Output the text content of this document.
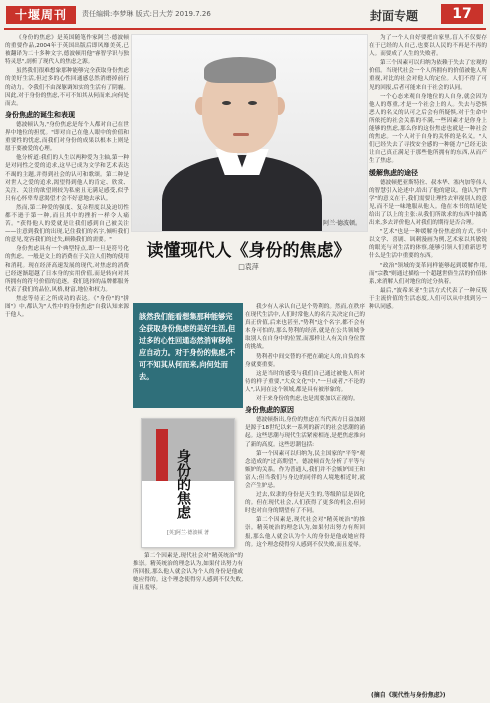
十堰周刊	责任编辑:李梦琳 版式:吕大芳 2019.7.26	封面专题	17

《身份的焦虑》是英国随笔作家阿兰·德波顿的重要作品,2004年于英国出版后即风靡美英,已被翻译为二十多种文字,德波顿用他"睿智学识与独特灵思",剖析了现代人的焦虑之源。

虽然我们很难想象那种能够完全获取身份焦虑的美好生活,但过多的心性回通感总然消磨掉前行的动力。令我们不由深躯调知实的生活有了阴霾。因此,对于身份的焦虑,不可不知其从何而来,向何处而去。

身份焦虑的诞生和表现

德波顿认为,"身份焦虑是每个人都对自己在世界中地位的担忧。"即对自己在他人眼中的价值和重要性的忧虑,而我们对身份的成果以根本上则是愿于要被爱的心理。

他分析道:我们的人生以两种爱为主轴,第一种是对同性之爱的追求,这早已成为文学和艺术表达不竭的主题,并得到社会的认可和歌颂。第二种是对世人之爱的追求,渴望得到他人的肯定、欣赏、关注、关注的欲望则较为私密且无满足感受,似乎只有心怀卑卑意渴望才会不好意地去承认。

然而,第二种爱的强度、复杂程度以及迫切性都不逊于第一种,而且其中的挫折一样令人痛苦。"获得他人的爱就是让我们感到自己被关注——注意到我们的出现,记住我们的名字,倾听我们的意见,宽容我们的过失,顾赖我们的需要。"

身份焦虑具有一个典型特点,即一旦是符号化的焦虑。一般是文上的消费在于关注人们物的使用和消耗。现在经济高速发展的现代,对焦虑的消费已经逐渐超越了日本身的实用价值,而是转向对其所拥有的符号价值的追逐。我们选择的品牌都服务代表了我们的品位,风格,财富,地位和权力。

焦虑等待正之所成功的表达。《"身份"的"拼图"》中,都认为"人性中的身份焦虑"自我认知来源于他人。

阿兰·德波顿。
读懂现代人《身份的焦虑》
□袁萍
該然我们能看想集那种能够完全获取身份焦虑的美好生活,但过多的心性回通态然消审移你应自动力。对于身份的焦虑,不可不知其从何而来,向何处而去。
身份的焦虑
[英]阿兰·德波顿 著

我少有人承认自己是个势利的。然而,在秩序在现代生活中,人们时常他人的名片关决定自己的真正价值,后来也甚至,"势利"这个名字,都不会有本身可怕的,那么势利的经济,就是在公共领域争取别人在自身中的位置,而那样让人有关自身位置的挑战。

势利者中间交替的不把在确定人的,自负的本身就要重要。

这是当时的感受与我们自己通过被他人所对待的样子重要,"大众文化"中,"一旦或者,"不论的人",认同在这个领域,都是具有被形象的。

对于来身份的焦虑,也是需要加以正视的。

身份焦虑的原因

德波顿指出,身份的焦虑在当代西方日益加剧是源于18世纪以来一系列的新兴的社会思潮的涌起。这些思潮与现代生活紧密相连,是把焦虑推向了新的高度。这些思潮包括:

第一个因素可以归纳为,民主国家的"平等"观念造成的"过高期望"。德波顿首先分析了平等与嫉妒的关系。作为普通人,我们并不会嫉妒国王和富人;但当我们与身边的同伴的人境地相近时,就会产生妒忌。

过去,奴隶的身份是天生的,等级阶层是固化的。但在现代社会,人们获得了更多的机会,但同时也对自身的期望有了不同。

第二个因素是,现代社会对"精英统治"的推崇。精英统治的理念认为,如果付出努力有所回报,那么他人就会认为个人的身份是他或她应得的。这个理念使得穷人感到不仅失败,而且羞辱。

第二个因素是,现代社会对"精英统治"的推崇。精英统治的理念认为,如果付出努力有所回报,那么他人就会认为个人的身份是他或她应得的。这个理念使得穷人感到不仅失败,而且羞辱。

为了一个人自好要把自家里,盲人不仅要存在于已经的人自己,也要以人民的不再是不再的人。而要成了人生的失败者。

第三个因素可以归纳为依赖于失去了宏观的价值。当现代社会一个人所拥有的价值被他人所重视,对比的社会对他人的定位。人们不得了可见的回报,后者可能来自于社会的认同。

一个心态来观自身地位的人自身,就会因为他人的尊重,才是一个社会上的人。失去与恐惧恶人的名义的认可之后会有所疑惧,对于生命中所依托的社会关系的不满,一些因素才是你身上能够的焦虑,那么你的这份焦虑也就是一种社会的焦虑。一个人对于自身的关怀的是名义。"人们已经失去了寻找安全感的一种能力"已经无法让自己真正满足于那些他所拥有的东西,从而产生了焦虑。

缓解焦虑的途径

德波顿把亚斯特拉、叔本华、塞内加等伟人的智慧引入论述中,给出了他的建议。他认为"哲学"的意义在于,我们需要让理性去审视别人的意见,而不是一味地服从他人。他在本书的结尾处给出了以上的主张:从我们所欲求的东西中抽离出来,多去评价他人对我们的期待是否合理。

"艺术"也是一种缓解身份焦虑的方式,书中以文学、喜剧、讽刺漫画为例,艺术家以其敏锐的眼光与对生活的体察,能够引领人们重新思考什么是生活中重要的东西。

"政治"领域的变革同样能够起到缓解作用,而"宗教"则通过描绘一个超越世俗生活的价值体系,来消解人们对地位的过分执着。

最后,"波希米亚"生活方式代表了一种反叛于主流价值的生活态度,人们可以从中找到另一种认同感。

(摘自《现代性与身份焦虑》)
